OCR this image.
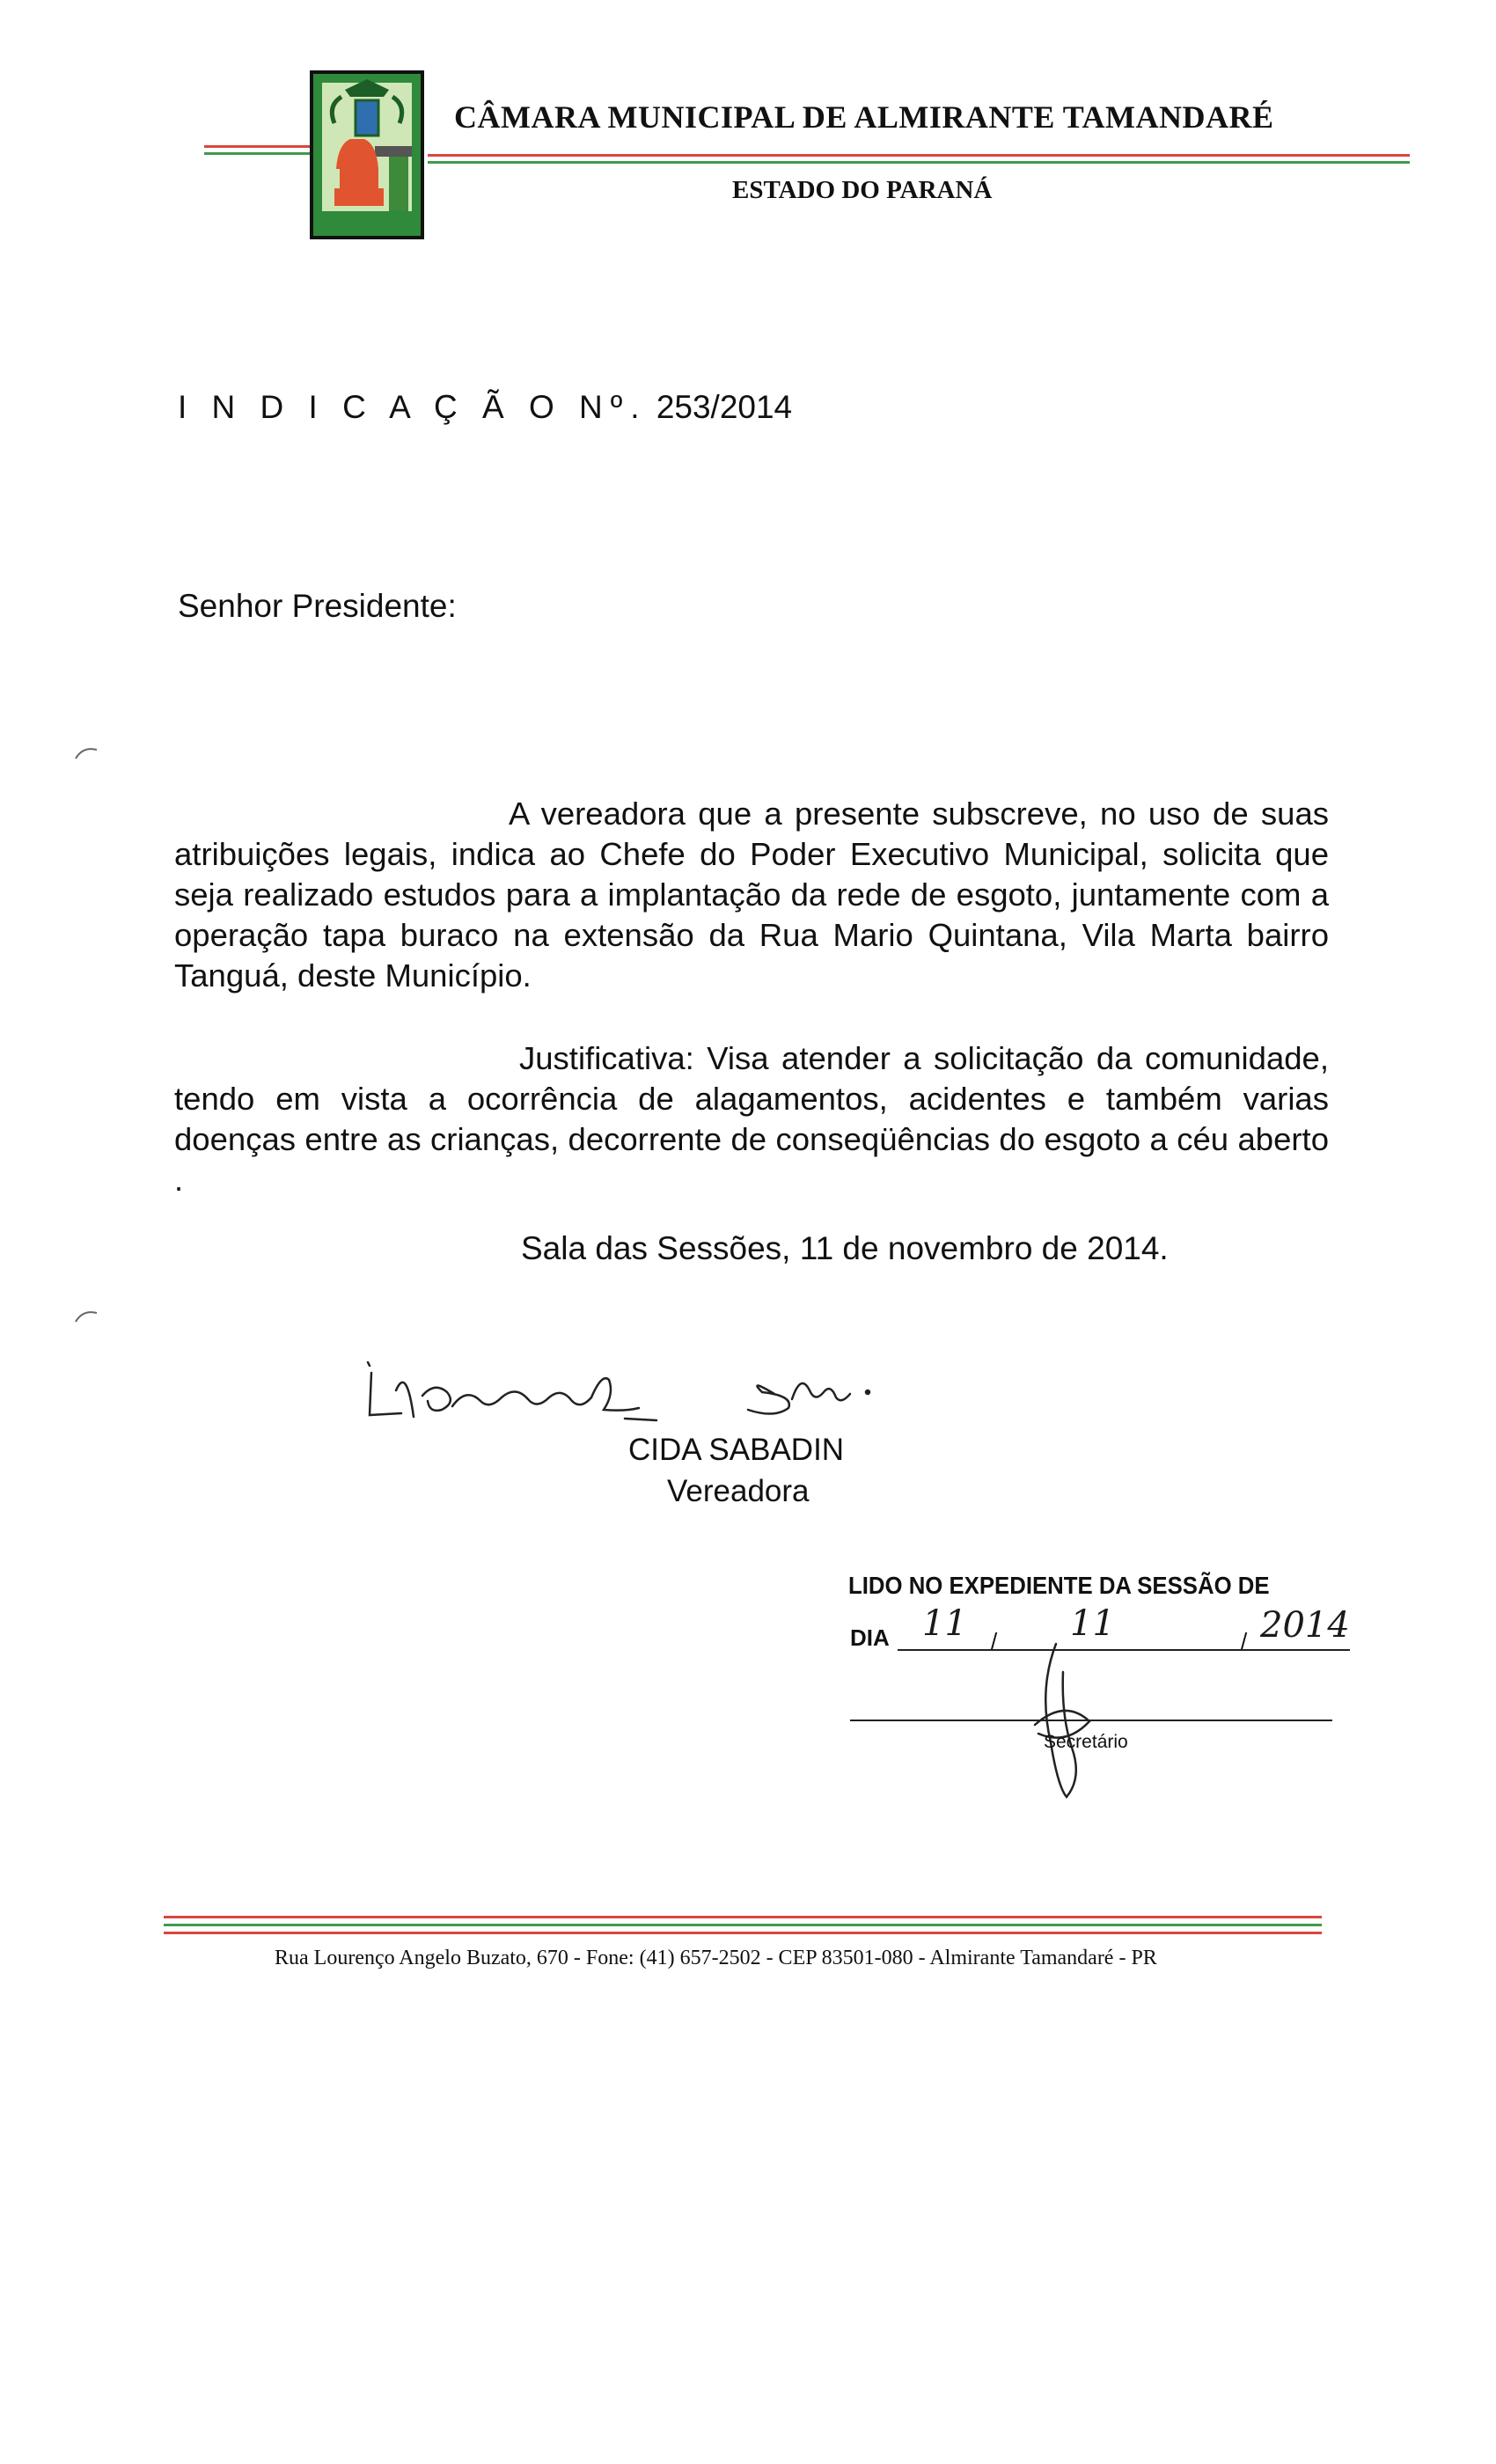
CÂMARA MUNICIPAL DE ALMIRANTE TAMANDARÉ
ESTADO DO PARANÁ
I N D I C A Ç Ã O Nº. 253/2014
Senhor Presidente:
A vereadora que a presente subscreve, no uso de suas atribuições legais, indica ao Chefe do Poder Executivo Municipal, solicita que seja realizado estudos para a implantação da rede de esgoto, juntamente com a operação tapa buraco na extensão da Rua Mario Quintana, Vila Marta bairro Tanguá, deste Município.
Justificativa: Visa atender a solicitação da comunidade, tendo em vista a ocorrência de alagamentos, acidentes e também varias doenças entre as crianças, decorrente de conseqüências do esgoto a céu aberto .
Sala das Sessões, 11 de novembro de 2014.
CIDA SABADIN
Vereadora
LIDO NO EXPEDIENTE DA SESSÃO DE
DIA	/	/
11	11	2014
Secretário
Rua Lourenço Angelo Buzato, 670 - Fone: (41) 657-2502 - CEP 83501-080 - Almirante Tamandaré - PR
